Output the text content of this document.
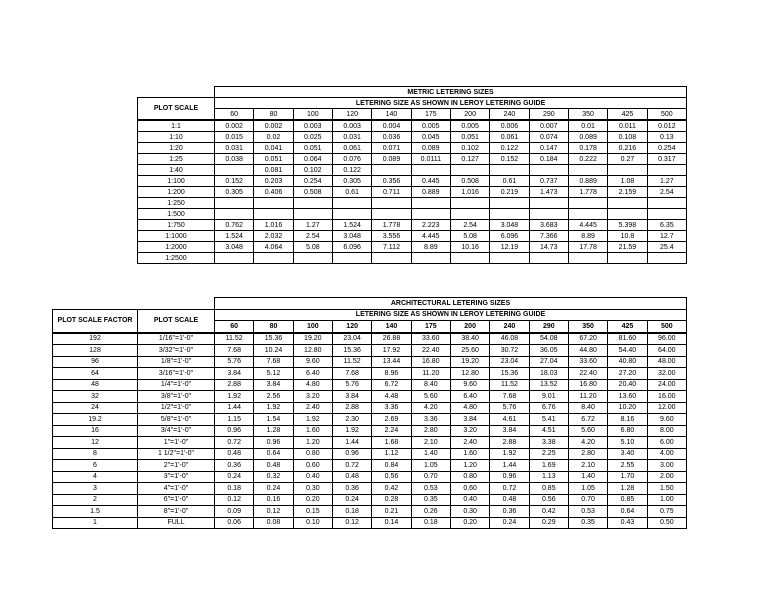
	METRIC LETERING SIZES											
PLOT SCALE	LETERING SIZE AS SHOWN IN LEROY LETERING GUIDE											
	60	80	100	120	140	175	200	240	290	350	425	500
1:1	0.002	0.002	0.003	0.003	0.004	0.005	0.005	0.006	0.007	0.01	0.011	0.012
1:10	0.015	0.02	0.025	0.031	0.036	0.045	0.051	0.061	0.074	0.089	0.108	0.13
1:20	0.031	0.041	0.051	0.061	0.071	0.089	0.102	0.122	0.147	0.178	0.216	0.254
1:25	0.038	0.051	0.064	0.076	0.089	0.0111	0.127	0.152	0.184	0.222	0.27	0.317
1:40		0.081	0.102	0.122								
1:100	0.152	0.203	0.254	0.305	0.356	0.445	0.508	0.61	0.737	0.889	1.08	1.27
1:200	0.305	0.406	0.508	0.61	0.711	0.889	1.016	0.219	1.473	1.778	2.159	2.54
1:250												
1:500												
1:750	0.762	1.016	1.27	1.524	1.778	2.223	2.54	3.048	3.683	4.445	5.398	6.35
1:1000	1.524	2.032	2.54	3.048	3.556	4.445	5.08	6.096	7.366	8.89	10.8	12.7
1:2000	3.048	4.064	5.08	6.096	7.112	8.89	10.16	12.19	14.73	17.78	21.59	25.4
1:2500												
		ARCHITECTURAL LETERING SIZES											
PLOT SCALE FACTOR	PLOT SCALE	LETERING SIZE AS SHOWN IN LEROY LETERING GUIDE											
		60	80	100	120	140	175	200	240	290	350	425	500
192	1/16"=1'-0"	11.52	15.36	19.20	23.04	26.88	33.60	38.40	46.08	54.08	67.20	81.60	96.00
128	3/32"=1'-0"	7.68	10.24	12.80	15.36	17.92	22.40	25.60	30.72	36.05	44.80	54.40	64.00
96	1/8"=1'-0"	5.76	7.68	9.60	11.52	13.44	16.80	19.20	23.04	27.04	33.60	40.80	48.00
64	3/16"=1'-0"	3.84	5.12	6.40	7.68	8.96	11.20	12.80	15.36	18.03	22.40	27.20	32.00
48	1/4"=1'-0"	2.88	3.84	4.80	5.76	6.72	8.40	9.60	11.52	13.52	16.80	20.40	24.00
32	3/8"=1'-0"	1.92	2.56	3.20	3.84	4.48	5.60	6.40	7.68	9.01	11.20	13.60	16.00
24	1/2"=1'-0"	1.44	1.92	2.40	2.88	3.36	4.20	4.80	5.76	6.76	8.40	10.20	12.00
19.2	5/8"=1'-0"	1.15	1.54	1.92	2.30	2.69	3.36	3.84	4.61	5.41	6.72	8.16	9.60
16	3/4"=1'-0"	0.96	1.28	1.60	1.92	2.24	2.80	3.20	3.84	4.51	5.60	6.80	8.00
12	1"=1'-0"	0.72	0.96	1.20	1.44	1.68	2.10	2.40	2.88	3.38	4.20	5.10	6.00
8	1 1/2"=1'-0"	0.48	0.64	0.80	0.96	1.12	1.40	1.60	1.92	2.25	2.80	3.40	4.00
6	2"=1'-0"	0.36	0.48	0.60	0.72	0.84	1.05	1.20	1.44	1.69	2.10	2.55	3.00
4	3"=1'-0"	0.24	0.32	0.40	0.48	0.56	0.70	0.80	0.96	1.13	1.40	1.70	2.00
3	4"=1'-0"	0.18	0.24	0.30	0.36	0.42	0.53	0.60	0.72	0.85	1.05	1.28	1.50
2	6"=1'-0"	0.12	0.16	0.20	0.24	0.28	0.35	0.40	0.48	0.56	0.70	0.85	1.00
1.5	8"=1'-0"	0.09	0.12	0.15	0.18	0.21	0.26	0.30	0.36	0.42	0.53	0.64	0.75
1	FULL	0.06	0.08	0.10	0.12	0.14	0.18	0.20	0.24	0.29	0.35	0.43	0.50
